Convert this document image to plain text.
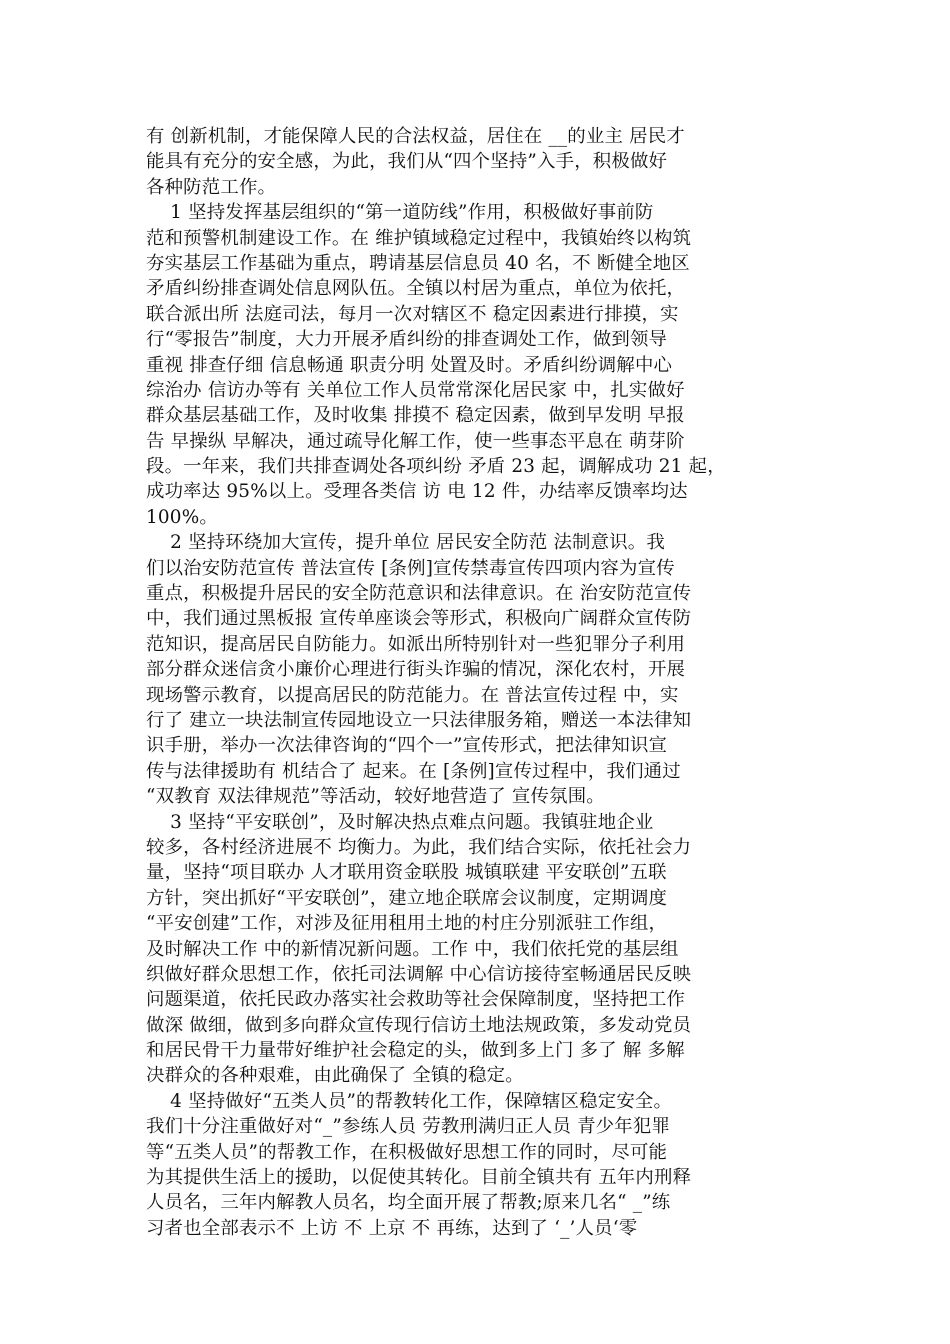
有 创新机制，才能保障人民的合法权益，居住在 __的业主 居民才
能具有充分的安全感，为此，我们从“四个坚持”入手，积极做好
各种防范工作。
1 坚持发挥基层组织的“第一道防线”作用，积极做好事前防
范和预警机制建设工作。在 维护镇域稳定过程中，我镇始终以构筑
夯实基层工作基础为重点，聘请基层信息员 40 名，不 断健全地区
矛盾纠纷排查调处信息网队伍。全镇以村居为重点，单位为依托，
联合派出所 法庭司法，每月一次对辖区不 稳定因素进行排摸，实
行“零报告”制度，大力开展矛盾纠纷的排查调处工作，做到领导
重视 排查仔细 信息畅通 职责分明 处置及时。矛盾纠纷调解中心
综治办 信访办等有 关单位工作人员常常深化居民家 中，扎实做好
群众基层基础工作，及时收集 排摸不 稳定因素，做到早发明 早报
告 早操纵 早解决，通过疏导化解工作，使一些事态平息在 萌芽阶
段。一年来，我们共排查调处各项纠纷 矛盾 23 起，调解成功 21 起，
成功率达 95%以上。受理各类信 访 电 12 件，办结率反馈率均达
100%。
2 坚持环绕加大宣传，提升单位 居民安全防范 法制意识。我
们以治安防范宣传 普法宣传 [条例]宣传禁毒宣传四项内容为宣传
重点，积极提升居民的安全防范意识和法律意识。在 治安防范宣传
中，我们通过黑板报 宣传单座谈会等形式，积极向广阔群众宣传防
范知识，提高居民自防能力。如派出所特别针对一些犯罪分子利用
部分群众迷信贪小廉价心理进行街头诈骗的情况，深化农村，开展
现场警示教育，以提高居民的防范能力。在 普法宣传过程 中，实
行了 建立一块法制宣传园地设立一只法律服务箱，赠送一本法律知
识手册，举办一次法律咨询的“四个一”宣传形式，把法律知识宣
传与法律援助有 机结合了 起来。在 [条例]宣传过程中，我们通过
“双教育 双法律规范”等活动，较好地营造了 宣传氛围。
3 坚持“平安联创”，及时解决热点难点问题。我镇驻地企业
较多，各村经济进展不 均衡力。为此，我们结合实际，依托社会力
量，坚持“项目联办 人才联用资金联股 城镇联建 平安联创”五联
方针，突出抓好“平安联创”，建立地企联席会议制度，定期调度
“平安创建”工作，对涉及征用租用土地的村庄分别派驻工作组，
及时解决工作 中的新情况新问题。工作 中，我们依托党的基层组
织做好群众思想工作，依托司法调解 中心信访接待室畅通居民反映
问题渠道，依托民政办落实社会救助等社会保障制度，坚持把工作
做深 做细，做到多向群众宣传现行信访土地法规政策，多发动党员
和居民骨干力量带好维护社会稳定的头，做到多上门 多了 解 多解
决群众的各种艰难，由此确保了 全镇的稳定。
4 坚持做好“五类人员”的帮教转化工作，保障辖区稳定安全。
我们十分注重做好对“_”参练人员 劳教刑满归正人员 青少年犯罪
等“五类人员”的帮教工作，在积极做好思想工作的同时，尽可能
为其提供生活上的援助，以促使其转化。目前全镇共有 五年内刑释
人员名，三年内解教人员名，均全面开展了帮教;原来几名“ _”练
习者也全部表示不 上访 不 上京 不 再练，达到了 ‘_’人员‘零
